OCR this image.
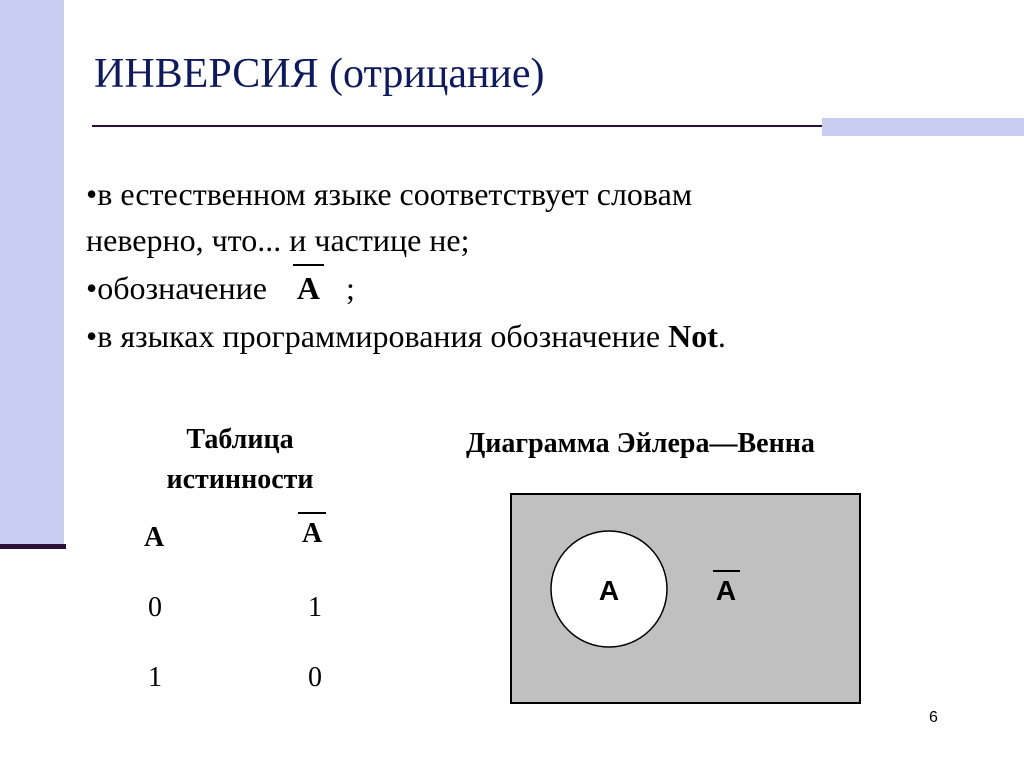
ИНВЕРСИЯ (отрицание)
•в естественном языке соответствует словам
неверно, что... и частице не;
•обозначение A ;
•в языках программирования обозначение Not.
Таблица
истинности
A	A
0	1
1	0
Диаграмма Эйлера—Венна
A	A
6
